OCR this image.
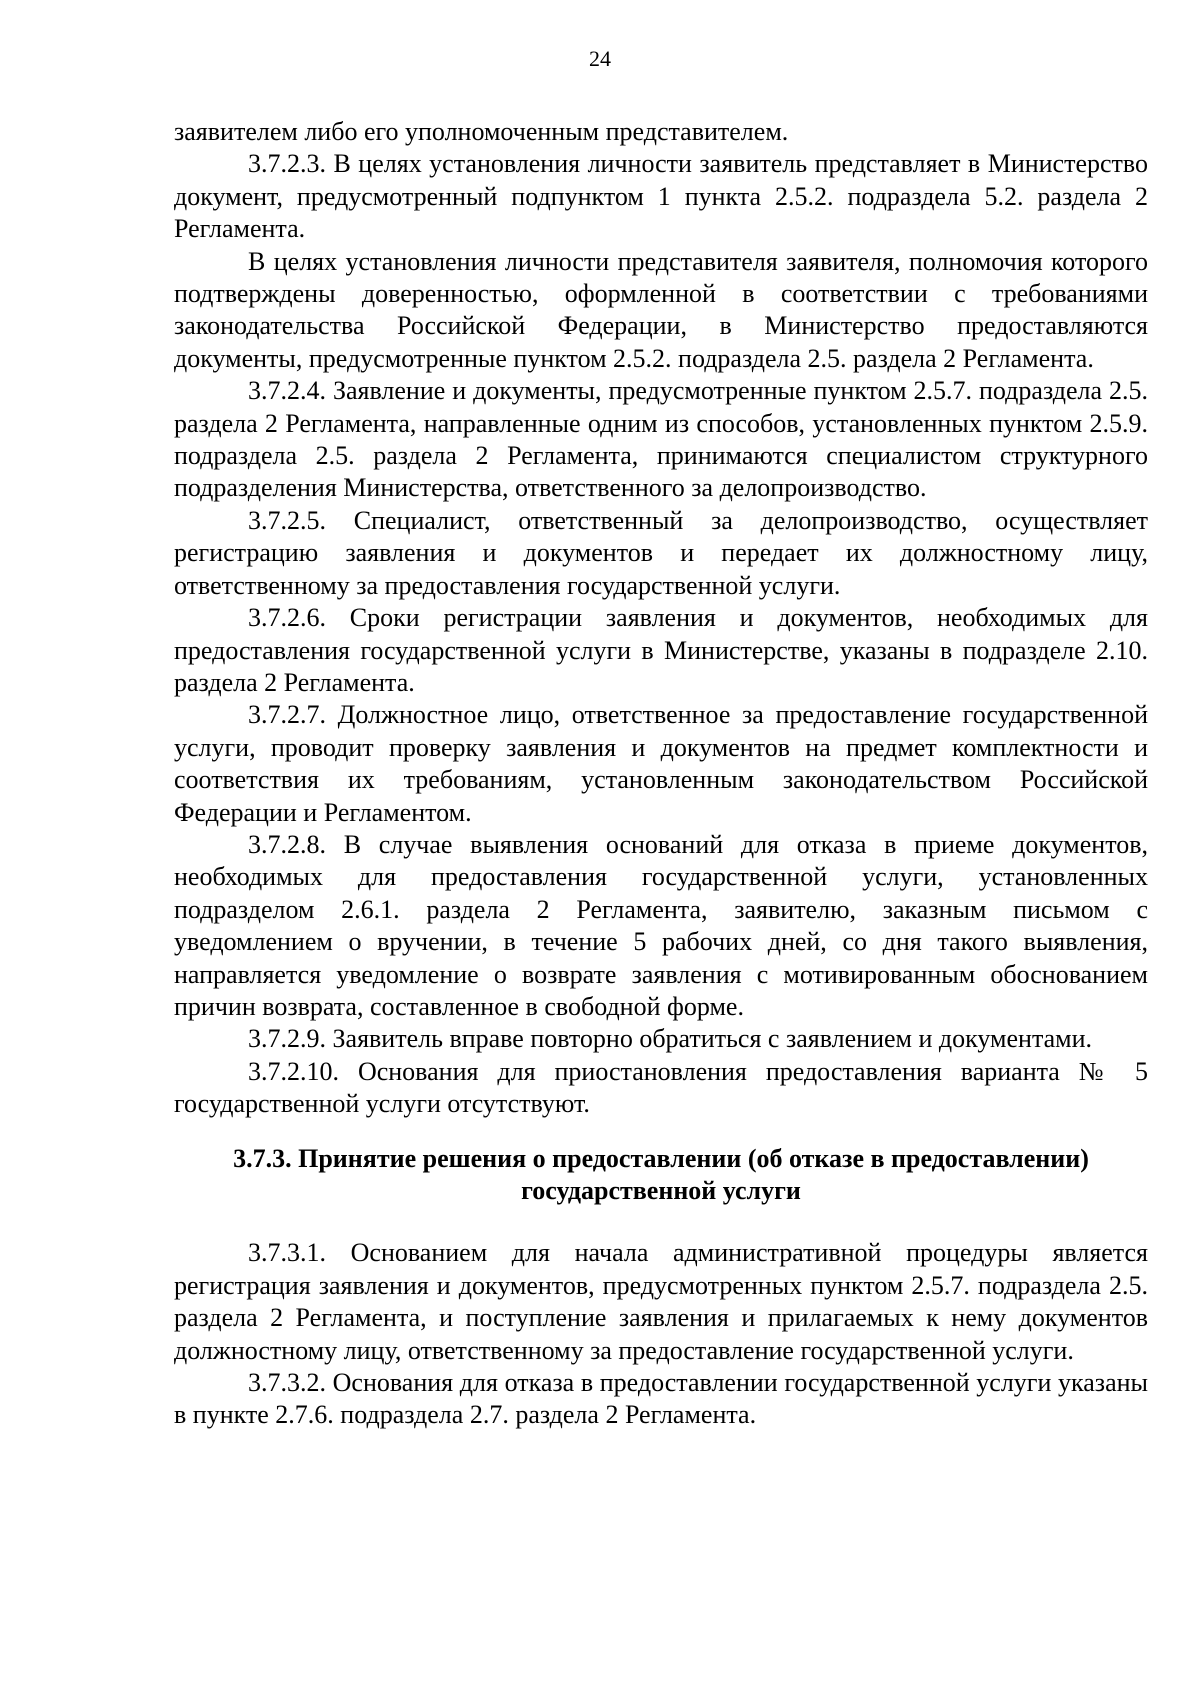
24

заявителем либо его уполномоченным представителем.

3.7.2.3. В целях установления личности заявитель представляет в Министерство документ, предусмотренный подпунктом 1 пункта 2.5.2. подраздела 5.2. раздела 2 Регламента.

В целях установления личности представителя заявителя, полномочия которого подтверждены доверенностью, оформленной в соответствии с требованиями законодательства Российской Федерации, в Министерство предоставляются документы, предусмотренные пунктом 2.5.2. подраздела 2.5. раздела 2 Регламента.

3.7.2.4. Заявление и документы, предусмотренные пунктом 2.5.7. подраздела 2.5. раздела 2 Регламента, направленные одним из способов, установленных пунктом 2.5.9. подраздела 2.5. раздела 2 Регламента, принимаются специалистом структурного подразделения Министерства, ответственного за делопроизводство.

3.7.2.5. Специалист, ответственный за делопроизводство, осуществляет регистрацию заявления и документов и передает их должностному лицу, ответственному за предоставления государственной услуги.

3.7.2.6. Сроки регистрации заявления и документов, необходимых для предоставления государственной услуги в Министерстве, указаны в подразделе 2.10. раздела 2 Регламента.

3.7.2.7. Должностное лицо, ответственное за предоставление государственной услуги, проводит проверку заявления и документов на предмет комплектности и соответствия их требованиям, установленным законодательством Российской Федерации и Регламентом.

3.7.2.8. В случае выявления оснований для отказа в приеме документов, необходимых для предоставления государственной услуги, установленных подразделом 2.6.1. раздела 2 Регламента, заявителю, заказным письмом с уведомлением о вручении, в течение 5 рабочих дней, со дня такого выявления, направляется уведомление о возврате заявления с мотивированным обоснованием причин возврата, составленное в свободной форме.

3.7.2.9. Заявитель вправе повторно обратиться с заявлением и документами.

3.7.2.10. Основания для приостановления предоставления варианта № 5 государственной услуги отсутствуют.

3.7.3. Принятие решения о предоставлении (об отказе в предоставлении) государственной услуги

3.7.3.1. Основанием для начала административной процедуры является регистрация заявления и документов, предусмотренных пунктом 2.5.7. подраздела 2.5. раздела 2 Регламента, и поступление заявления и прилагаемых к нему документов должностному лицу, ответственному за предоставление государственной услуги.

3.7.3.2. Основания для отказа в предоставлении государственной услуги указаны в пункте 2.7.6. подраздела 2.7. раздела 2 Регламента.
